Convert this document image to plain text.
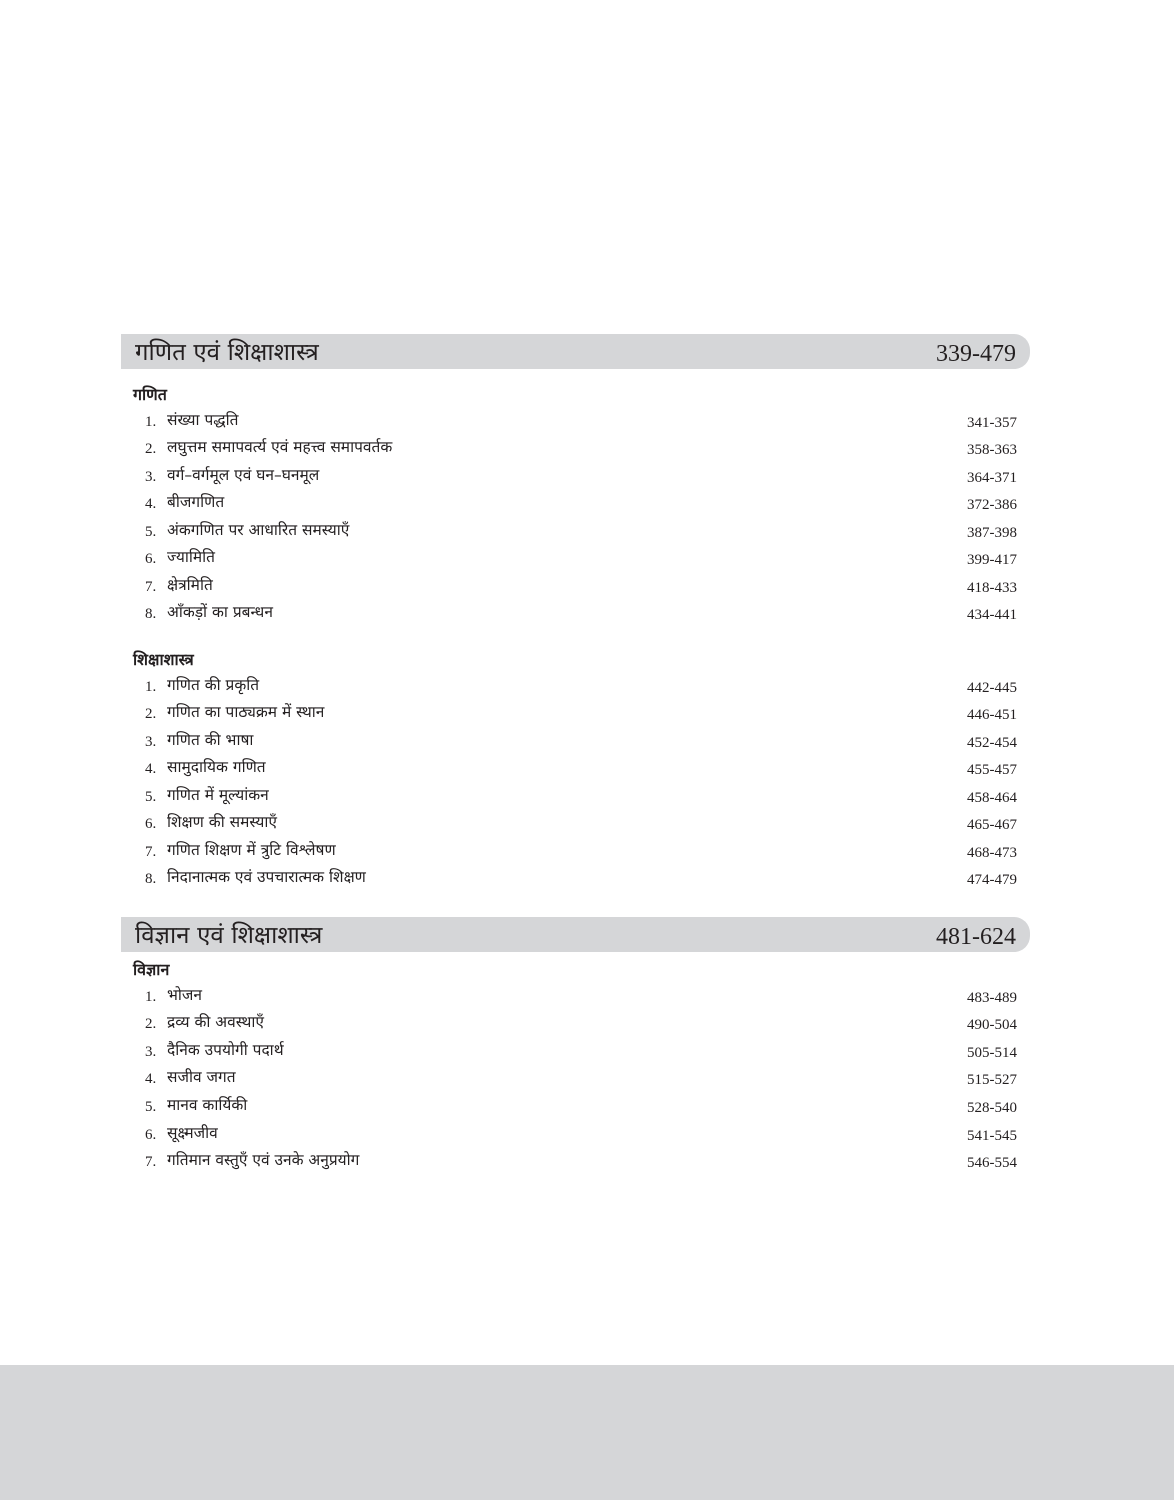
गणित एवं शिक्षाशास्त्र	339-479
गणित
1. संख्या पद्धति	341-357
2. लघुत्तम समापवर्त्य एवं महत्त्व समापवर्तक	358-363
3. वर्ग–वर्गमूल एवं घन–घनमूल	364-371
4. बीजगणित	372-386
5. अंकगणित पर आधारित समस्याएँ	387-398
6. ज्यामिति	399-417
7. क्षेत्रमिति	418-433
8. आँकड़ों का प्रबन्धन	434-441
शिक्षाशास्त्र
1. गणित की प्रकृति	442-445
2. गणित का पाठ्यक्रम में स्थान	446-451
3. गणित की भाषा	452-454
4. सामुदायिक गणित	455-457
5. गणित में मूल्यांकन	458-464
6. शिक्षण की समस्याएँ	465-467
7. गणित शिक्षण में त्रुटि विश्लेषण	468-473
8. निदानात्मक एवं उपचारात्मक शिक्षण	474-479
विज्ञान एवं शिक्षाशास्त्र	481-624
विज्ञान
1. भोजन	483-489
2. द्रव्य की अवस्थाएँ	490-504
3. दैनिक उपयोगी पदार्थ	505-514
4. सजीव जगत	515-527
5. मानव कार्यिकी	528-540
6. सूक्ष्मजीव	541-545
7. गतिमान वस्तुएँ एवं उनके अनुप्रयोग	546-554
